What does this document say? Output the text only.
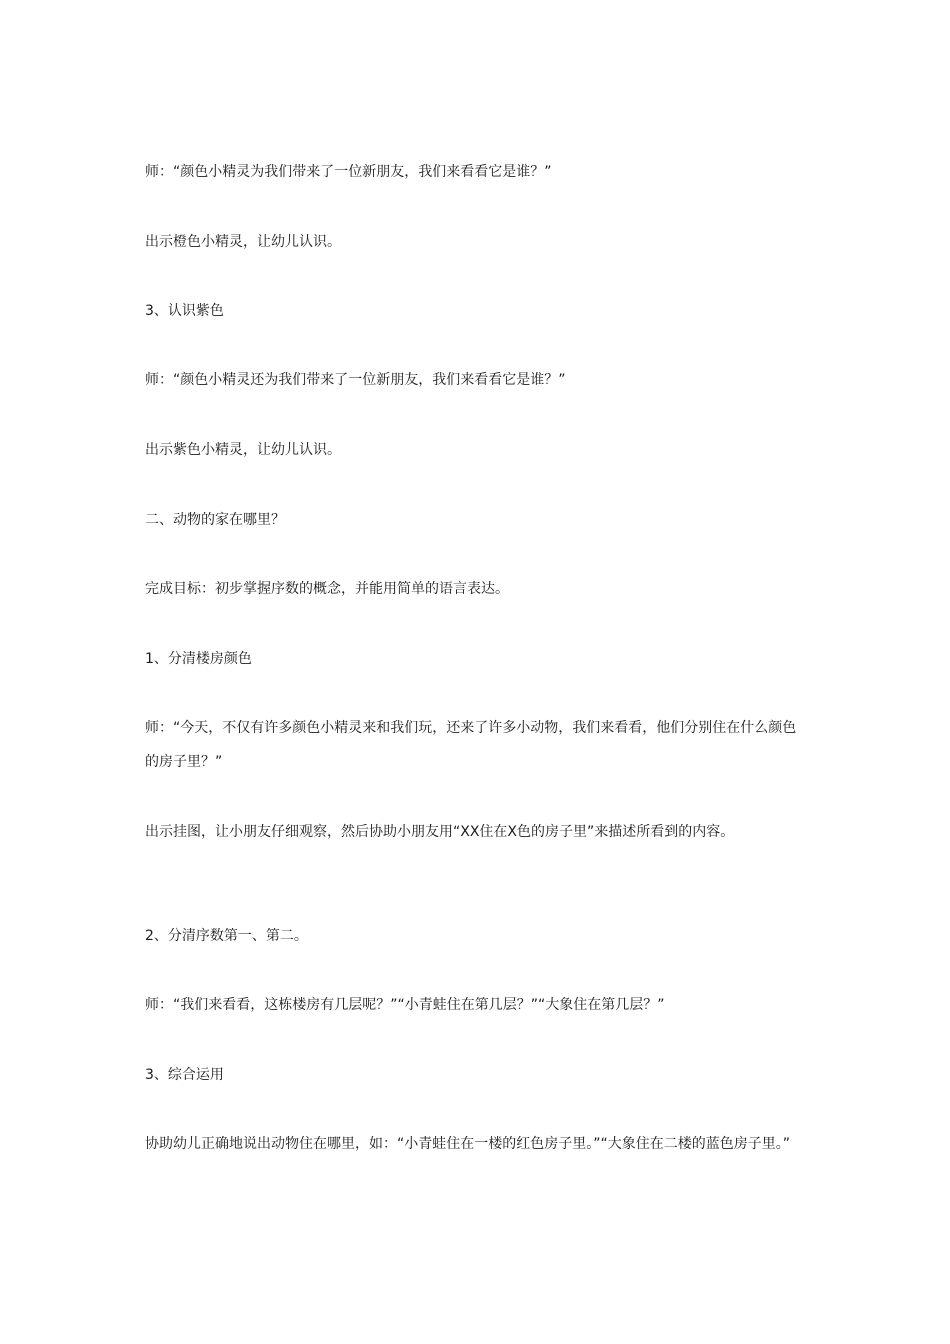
师：“颜色小精灵为我们带来了一位新朋友，我们来看看它是谁？”

出示橙色小精灵，让幼儿认识。

3、认识紫色

师：“颜色小精灵还为我们带来了一位新朋友，我们来看看它是谁？”

出示紫色小精灵，让幼儿认识。

二、动物的家在哪里？

完成目标：初步掌握序数的概念，并能用简单的语言表达。

1、分清楼房颜色

师：“今天，不仅有许多颜色小精灵来和我们玩，还来了许多小动物，我们来看看，他们分别住在什么颜色的房子里？”

出示挂图，让小朋友仔细观察，然后协助小朋友用“XX住在X色的房子里”来描述所看到的内容。

2、分清序数第一、第二。

师：“我们来看看，这栋楼房有几层呢？”“小青蛙住在第几层？”“大象住在第几层？”

3、综合运用

协助幼儿正确地说出动物住在哪里，如：“小青蛙住在一楼的红色房子里。”“大象住在二楼的蓝色房子里。”
